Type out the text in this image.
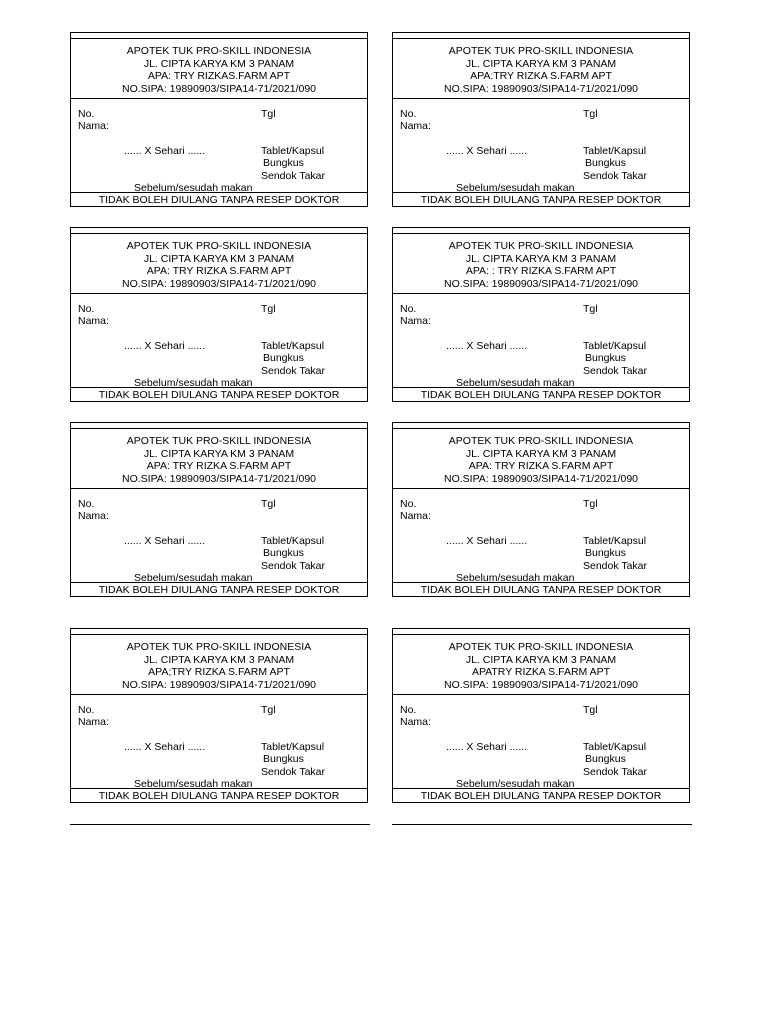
APOTEK TUK PRO-SKILL INDONESIA
JL. CIPTA KARYA KM 3 PANAM
APA: TRY RIZKAS.FARM APT
NO.SIPA: 19890903/SIPA14-71/2021/090
No.	Tgl
Nama:
...... X Sehari ......	Tablet/Kapsul
Bungkus
Sendok Takar
Sebelum/sesudah makan
TIDAK BOLEH DIULANG TANPA RESEP DOKTOR
APOTEK TUK PRO-SKILL INDONESIA
JL. CIPTA KARYA KM 3 PANAM
APA:TRY RIZKA S.FARM APT
NO.SIPA: 19890903/SIPA14-71/2021/090
No.	Tgl
Nama:
...... X Sehari ......	Tablet/Kapsul
Bungkus
Sendok Takar
Sebelum/sesudah makan
TIDAK BOLEH DIULANG TANPA RESEP DOKTOR
APOTEK TUK PRO-SKILL INDONESIA
JL. CIPTA KARYA KM 3 PANAM
APA: TRY RIZKA S.FARM APT
NO.SIPA: 19890903/SIPA14-71/2021/090
No.	Tgl
Nama:
...... X Sehari ......	Tablet/Kapsul
Bungkus
Sendok Takar
Sebelum/sesudah makan
TIDAK BOLEH DIULANG TANPA RESEP DOKTOR
APOTEK TUK PRO-SKILL INDONESIA
JL. CIPTA KARYA KM 3 PANAM
APA: : TRY RIZKA S.FARM APT
NO.SIPA: 19890903/SIPA14-71/2021/090
No.	Tgl
Nama:
...... X Sehari ......	Tablet/Kapsul
Bungkus
Sendok Takar
Sebelum/sesudah makan
TIDAK BOLEH DIULANG TANPA RESEP DOKTOR
APOTEK TUK PRO-SKILL INDONESIA
JL. CIPTA KARYA KM 3 PANAM
APA: TRY RIZKA S.FARM APT
NO.SIPA: 19890903/SIPA14-71/2021/090
No.	Tgl
Nama:
...... X Sehari ......	Tablet/Kapsul
Bungkus
Sendok Takar
Sebelum/sesudah makan
TIDAK BOLEH DIULANG TANPA RESEP DOKTOR
APOTEK TUK PRO-SKILL INDONESIA
JL. CIPTA KARYA KM 3 PANAM
APA: TRY RIZKA S.FARM APT
NO.SIPA: 19890903/SIPA14-71/2021/090
No.	Tgl
Nama:
...... X Sehari ......	Tablet/Kapsul
Bungkus
Sendok Takar
Sebelum/sesudah makan
TIDAK BOLEH DIULANG TANPA RESEP DOKTOR
APOTEK TUK PRO-SKILL INDONESIA
JL. CIPTA KARYA KM 3 PANAM
APA;TRY RIZKA S.FARM APT
NO.SIPA: 19890903/SIPA14-71/2021/090
No.	Tgl
Nama:
...... X Sehari ......	Tablet/Kapsul
Bungkus
Sendok Takar
Sebelum/sesudah makan
TIDAK BOLEH DIULANG TANPA RESEP DOKTOR
APOTEK TUK PRO-SKILL INDONESIA
JL. CIPTA KARYA KM 3 PANAM
APATRY RIZKA S.FARM APT
NO.SIPA: 19890903/SIPA14-71/2021/090
No.	Tgl
Nama:
...... X Sehari ......	Tablet/Kapsul
Bungkus
Sendok Takar
Sebelum/sesudah makan
TIDAK BOLEH DIULANG TANPA RESEP DOKTOR
